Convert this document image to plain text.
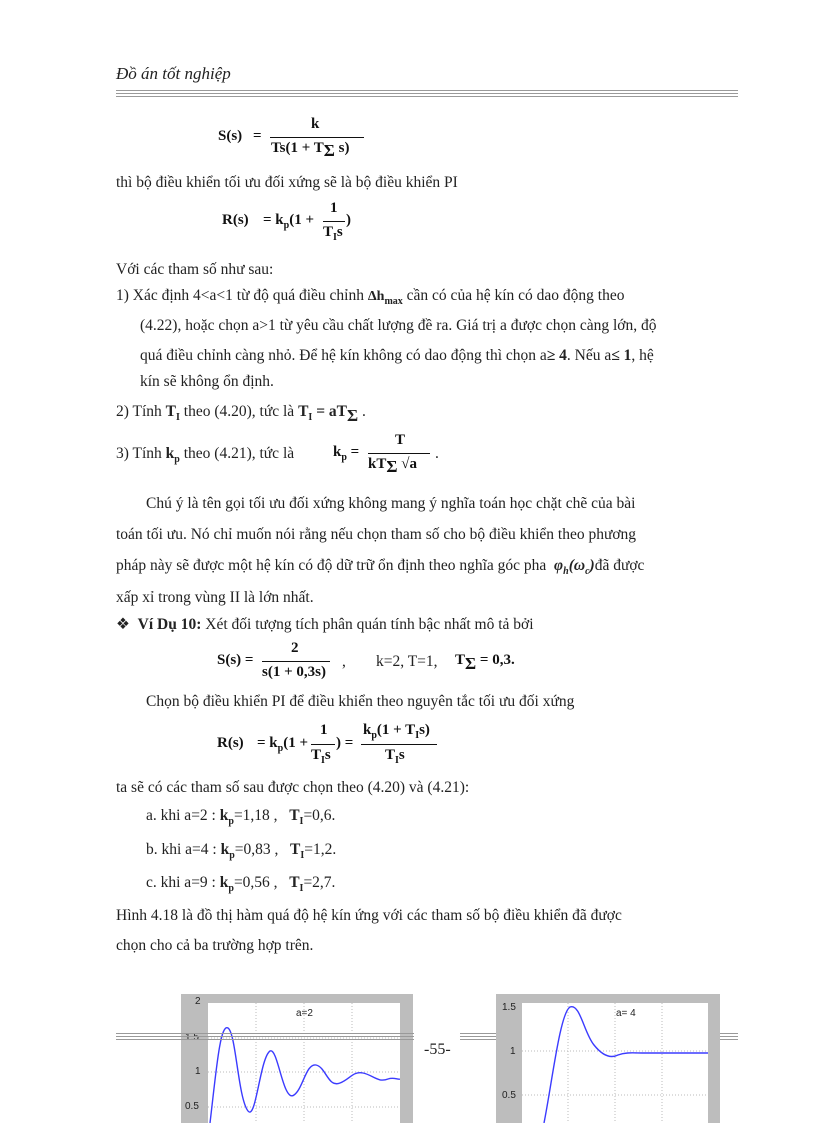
Đồ án tốt nghiệp
S(s) =
k
Ts(1 + TΣ s)
thì bộ điều khiển tối ưu đối xứng sẽ là bộ điều khiển PI
$R(s) = k_p(1$ +
1
$T_Is$
)
Với các tham số như sau:
1) Xác định 4<a<1 từ độ quá điều chỉnh $\Delta h_{max}$ cần có của hệ kín có dao động theo
(4.22), hoặc chọn a>1 từ yêu cầu chất lượng đề ra. Giá trị a được chọn càng lớn, độ
quá điều chỉnh càng nhỏ. Để hệ kín không có dao động thì chọn a≥ 4. Nếu a≤ 1, hệ
kín sẽ không ổn định.
2) Tính $T_I$ theo (4.20), tức là $T_I = aT\Sigma$ .
3) Tính $k_p$ theo (4.21), tức là	$k_p$ =
T
kTΣ √a
.
Chú ý là tên gọi tối ưu đối xứng không mang ý nghĩa toán học chặt chẽ của bài
toán tối ưu. Nó chỉ muốn nói rằng nếu chọn tham số cho bộ điều khiển theo phương
pháp này sẽ được một hệ kín có độ dữ trữ ổn định theo nghĩa góc pha $\varphi_h(\omega_c)đã$ được
xấp xỉ trong vùng II là lớn nhất.
❖ Ví Dụ 10: Xét đối tượng tích phân quán tính bậc nhất mô tả bởi
S(s) =
2
s(1 + 0,3s)
, k=2, T=1, TΣ = 0,3.
Chọn bộ điều khiển PI để điều khiển theo nguyên tắc tối ưu đối xứng
$R(s) = k_p(1$ +
1
$T_Is$
) =
$k_p(1 + T_Is)$
$T_Is$
ta sẽ có các tham số sau được chọn theo (4.20) và (4.21):
a. khi a=2 : $k_p=1,18$ , $T_I=0,6$.
b. khi a=4 : $k_p=0,83$ , $T_I=1,2$.
c. khi a=9 : $k_p=0,56$ , $T_I=2,7$.
Hình 4.18 là đồ thị hàm quá độ hệ kín ứng với các tham số bộ điều khiển đã được
chọn cho cả ba trường hợp trên.
a=2
2
1.5
1
0.5
a= 4
1.5
1
0.5
-55-
